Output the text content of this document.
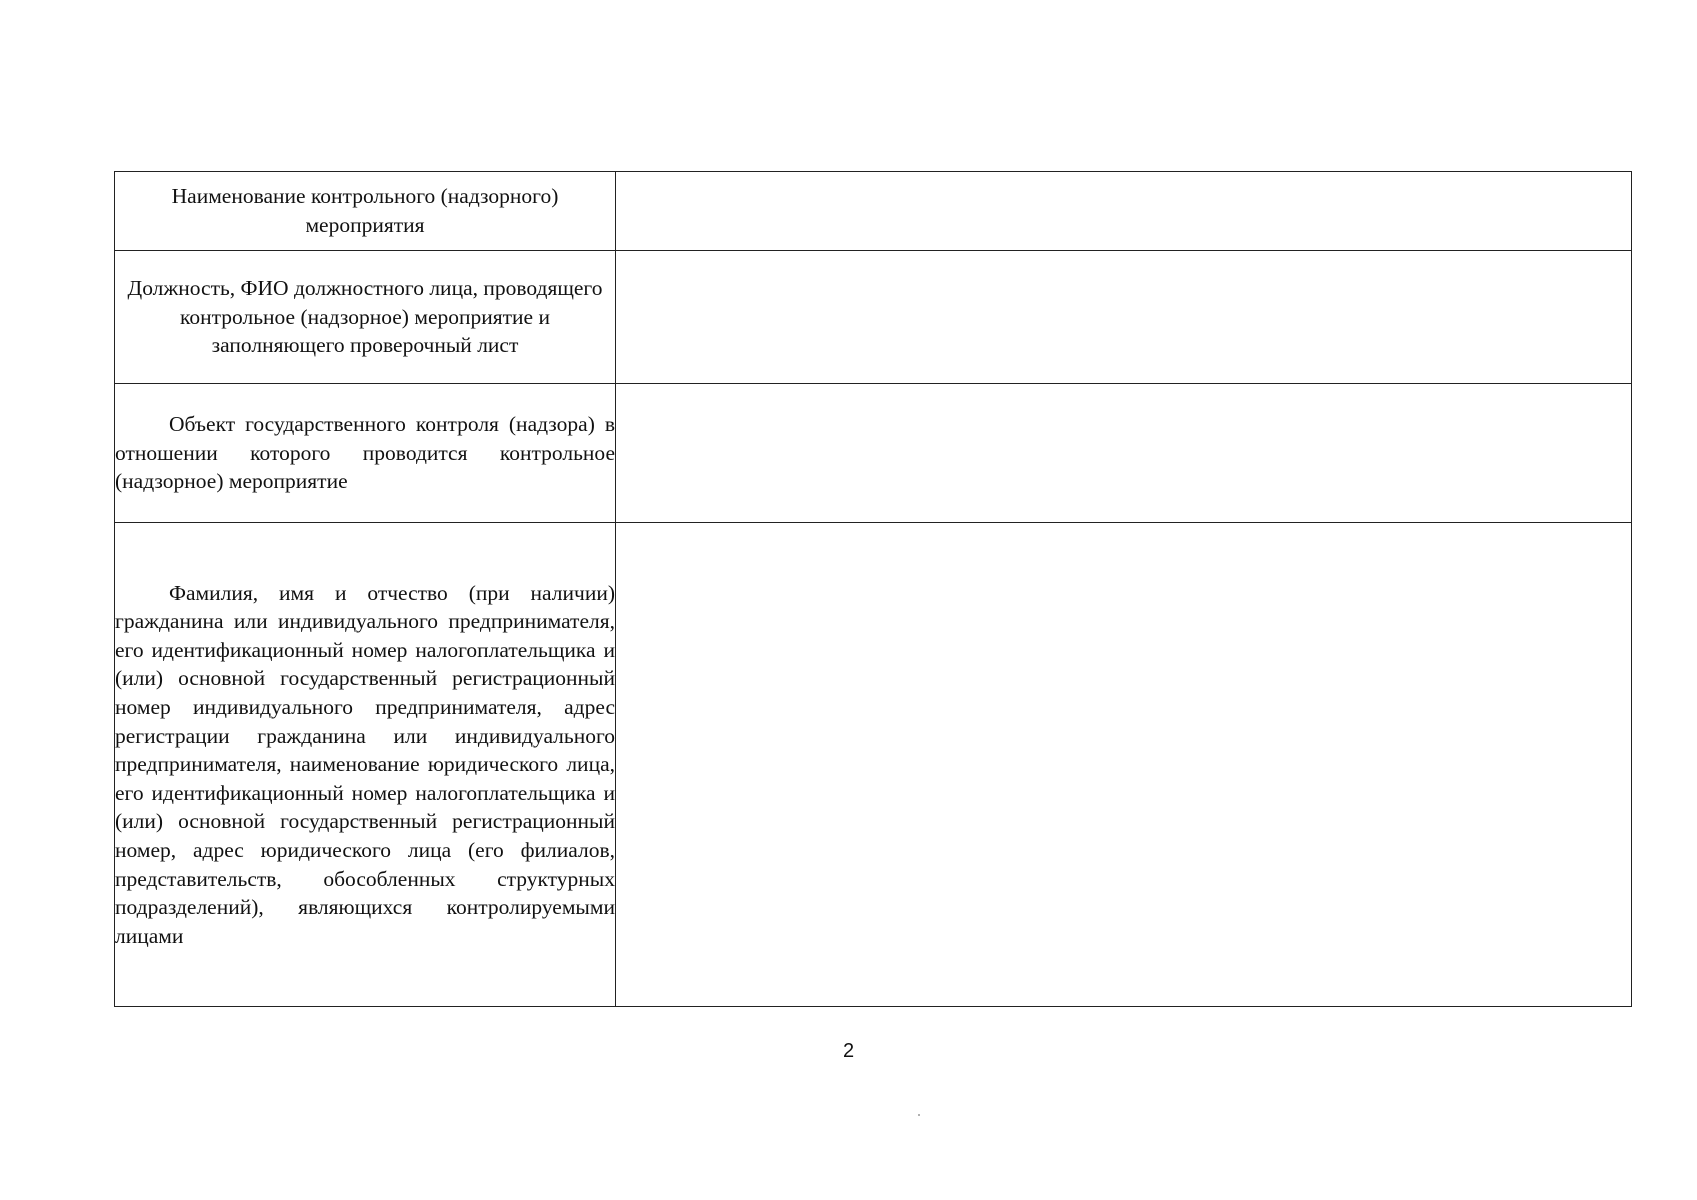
Наименование контрольного (надзорного) мероприятия	

Должность, ФИО должностного лица, проводящего контрольное (надзорное) мероприятие и заполняющего проверочный лист	

Объект государственного контроля (надзора) в отношении которого проводится контрольное (надзорное) мероприятие	

Фамилия, имя и отчество (при наличии) гражданина или индивидуального предпринимателя, его идентификационный номер налогоплательщика и (или) основной государственный регистрационный номер индивидуального предпринимателя, адрес регистрации гражданина или индивидуального предпринимателя, наименование юридического лица, его идентификационный номер налогоплательщика и (или) основной государственный регистрационный номер, адрес юридического лица (его филиалов, представительств, обособленных структурных подразделений), являющихся контролируемыми лицами	

2
